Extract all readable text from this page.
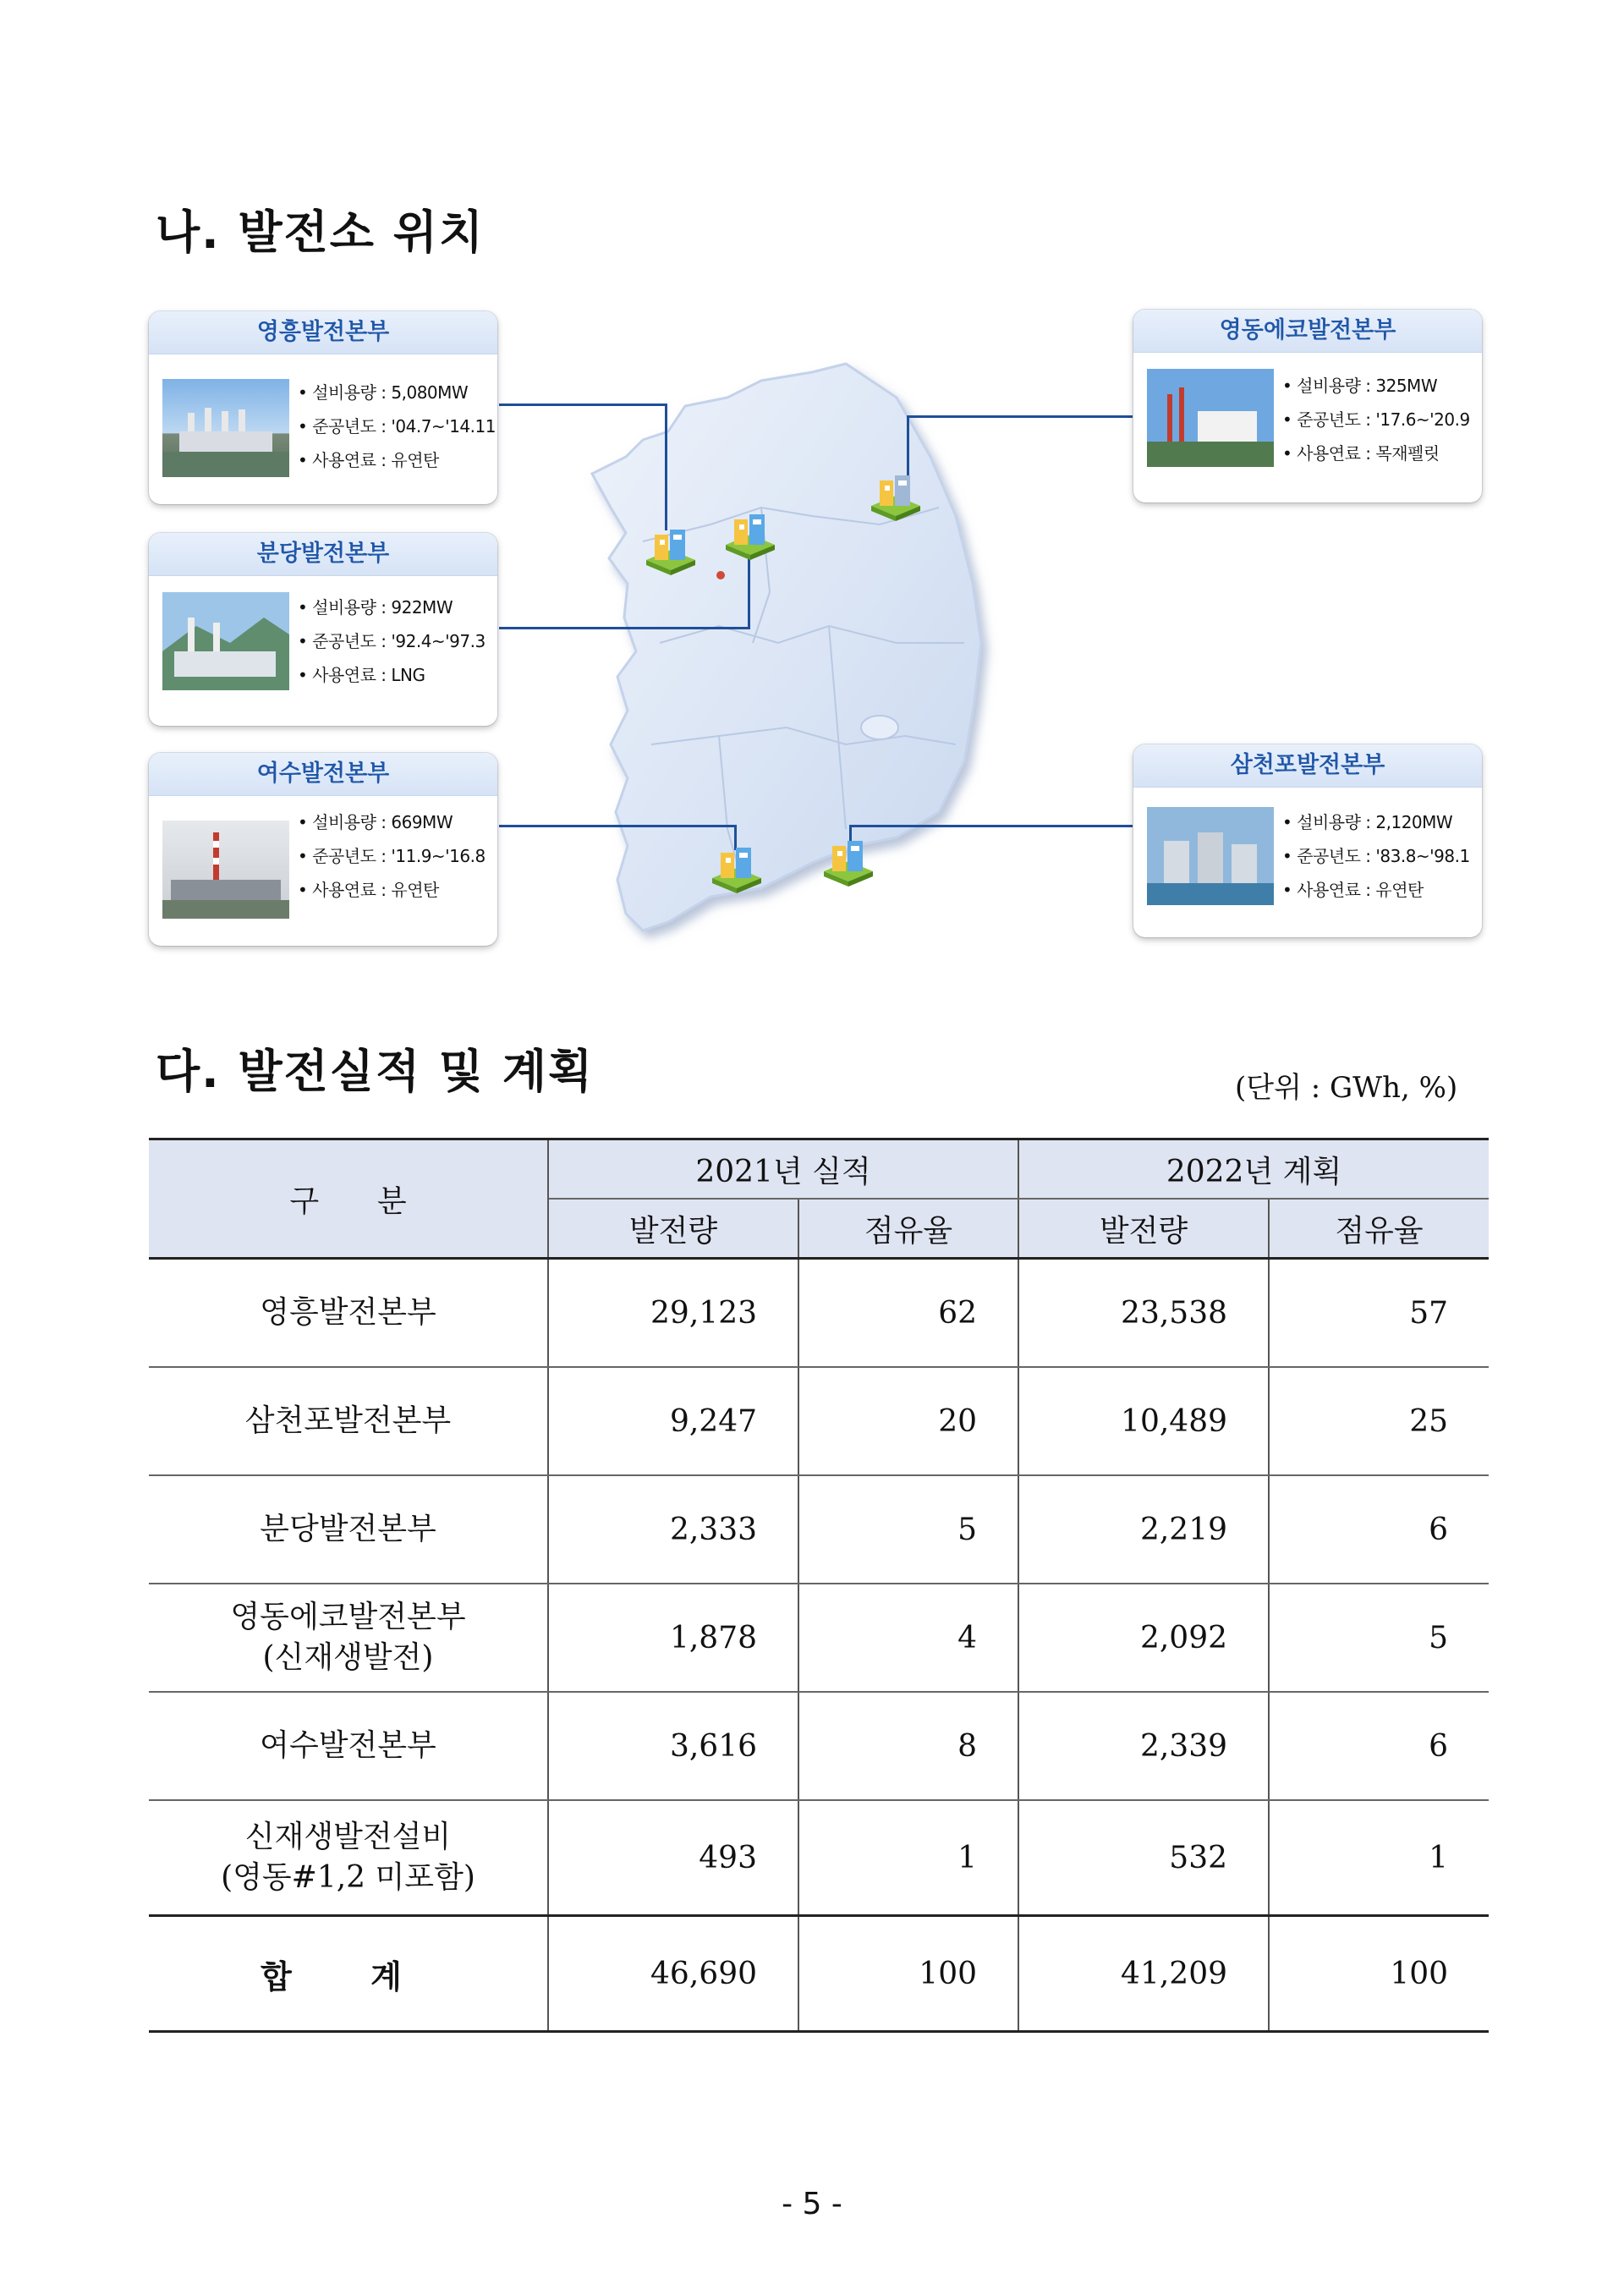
나. 발전소 위치
영흥발전본부
• 설비용량 : 5,080MW
• 준공년도 : '04.7~'14.11
• 사용연료 : 유연탄
분당발전본부
• 설비용량 : 922MW
• 준공년도 : '92.4~'97.3
• 사용연료 : LNG
여수발전본부
• 설비용량 : 669MW
• 준공년도 : '11.9~'16.8
• 사용연료 : 유연탄
영동에코발전본부
• 설비용량 : 325MW
• 준공년도 : '17.6~'20.9
• 사용연료 : 목재펠릿
삼천포발전본부
• 설비용량 : 2,120MW
• 준공년도 : '83.8~'98.1
• 사용연료 : 유연탄
다. 발전실적 및 계획	(단위 : GWh, %)
구      분	2021년 실적		2022년 계획	
	발전량	점유율	발전량	점유율

영흥발전본부	29,123	62	23,538	57

삼천포발전본부	9,247	20	10,489	25

분당발전본부	2,333	5	2,219	6

영동에코발전본부
(신재생발전)	1,878	4	2,092	5

여수발전본부	3,616	8	2,339	6

신재생발전설비
(영동#1,2 미포함)	493	1	532	1
합 계	46,690	100	41,209	100
- 5 -
